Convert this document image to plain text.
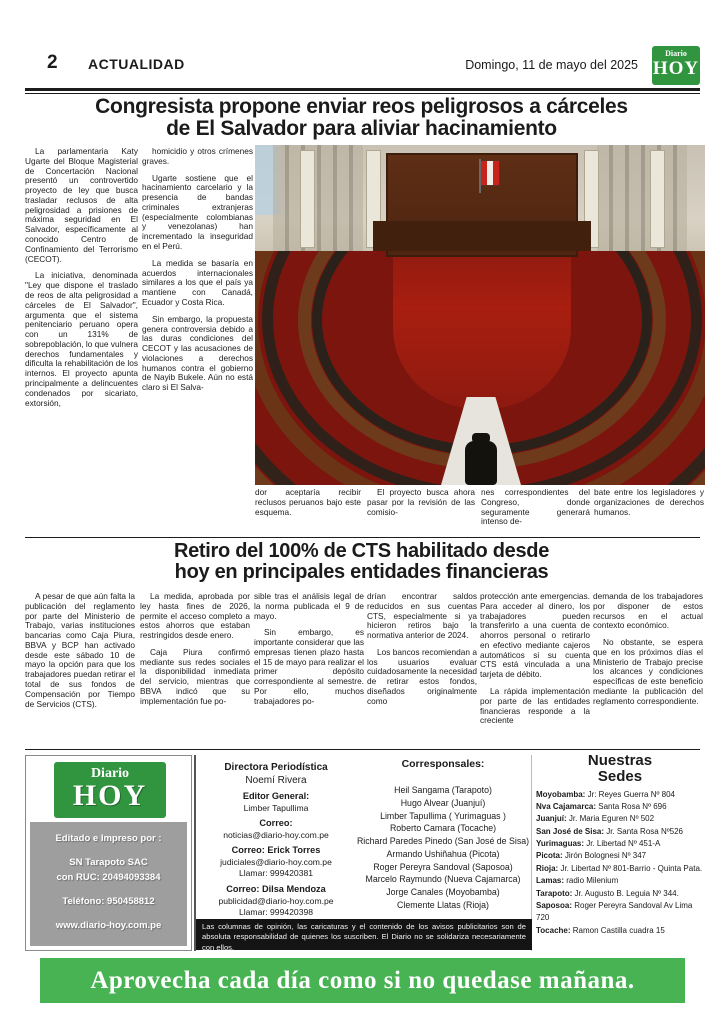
2 ACTUALIDAD	Domingo, 11 de mayo del 2025
Diario
HOY
Congresista propone enviar reos peligrosos a cárceles
de El Salvador para aliviar hacinamiento

La parlamentaria Katy Ugarte del Bloque Magisterial de Concertación Nacional presentó un controvertido proyecto de ley que busca trasladar reclusos de alta peligrosidad a prisiones de máxima seguridad en El Salvador, específicamente al conocido Centro de Confinamiento del Terrorismo (CECOT).

La iniciativa, denominada "Ley que dispone el traslado de reos de alta peligrosidad a cárceles de El Salvador", argumenta que el sistema penitenciario peruano opera con un 131% de sobrepoblación, lo que vulnera derechos fundamentales y dificulta la rehabilitación de los internos. El proyecto apunta principalmente a delincuentes condenados por sicariato, extorsión,

homicidio y otros crímenes graves.

Ugarte sostiene que el hacinamiento carcelario y la presencia de bandas criminales extranjeras (especialmente colombianas y venezolanas) han incrementado la inseguridad en el Perú.

La medida se basaría en acuerdos internacionales similares a los que el país ya mantiene con Canadá, Ecuador y Costa Rica.

Sin embargo, la propuesta genera controversia debido a las duras condiciones del CECOT y las acusaciones de violaciones a derechos humanos contra el gobierno de Nayib Bukele. Aún no está claro si El Salva-

dor aceptaría recibir reclusos peruanos bajo este esquema.

El proyecto busca ahora pasar por la revisión de las comisio-

nes correspondientes del Congreso, donde seguramente generará intenso de-

bate entre los legisladores y organizaciones de derechos humanos.

Retiro del 100% de CTS habilitado desde
hoy en principales entidades financieras

A pesar de que aún falta la publicación del reglamento por parte del Ministerio de Trabajo, varias instituciones bancarias como Caja Piura, BBVA y BCP han activado desde este sábado 10 de mayo la opción para que los trabajadores puedan retirar el total de sus fondos de Compensación por Tiempo de Servicios (CTS).

La medida, aprobada por ley hasta fines de 2026, permite el acceso completo a estos ahorros que estaban restringidos desde enero.

Caja Piura confirmó mediante sus redes sociales la disponibilidad inmediata del servicio, mientras que BBVA indicó que su implementación fue po-

sible tras el análisis legal de la norma publicada el 9 de mayo.

Sin embargo, es importante considerar que las empresas tienen plazo hasta el 15 de mayo para realizar el primer depósito correspondiente al semestre. Por ello, muchos trabajadores po-

drían encontrar saldos reducidos en sus cuentas CTS, especialmente si ya hicieron retiros bajo la normativa anterior de 2024.

Los bancos recomiendan a los usuarios evaluar cuidadosamente la necesidad de retirar estos fondos, diseñados originalmente como

protección ante emergencias. Para acceder al dinero, los trabajadores pueden transferirlo a una cuenta de ahorros personal o retirarlo en efectivo mediante cajeros automáticos si su cuenta CTS está vinculada a una tarjeta de débito.

La rápida implementación por parte de las entidades financieras responde a la creciente

demanda de los trabajadores por disponer de estos recursos en el actual contexto económico.

No obstante, se espera que en los próximos días el Ministerio de Trabajo precise los alcances y condiciones específicas de este beneficio mediante la publicación del reglamento correspondiente.

Diario
HOY
Editado e Impreso por :
SN Tarapoto SAC
con RUC: 20494093384
Teléfono: 950458812
www.diario-hoy.com.pe
Directora Periodística
Noemí Rivera
Editor General:
Limber Tapullima
Correo:
noticias@diario-hoy.com.pe
Correo: Erick Torres
judiciales@diario-hoy.com.pe
Llamar: 999420381
Correo: Dilsa Mendoza
publicidad@diario-hoy.com.pe
Llamar: 999420398
Corresponsales:
Heil Sangama (Tarapoto)
Hugo Alvear (Juanjuí)
Limber Tapullima ( Yurimaguas )
Roberto Camara (Tocache)
Richard Paredes Pinedo (San José de Sisa)
Armando Ushiñahua (Picota)
Roger Pereyra Sandoval (Saposoa)
Marcelo Raymundo (Nueva Cajamarca)
Jorge Canales (Moyobamba)
Clemente Llatas (Rioja)
Nuestras
Sedes
Moyobamba: Jr: Reyes Guerra Nº 804
Nva Cajamarca: Santa Rosa Nº 696
Juanjuí: Jr. Maria Eguren Nº 502
San José de Sisa: Jr. Santa Rosa Nº526
Yurimaguas: Jr. Libertad Nº 451-A
Picota: Jirón Bolognesi Nº 347
Rioja: Jr. Libertad Nº 801-Barrio - Quinta Pata.
Lamas: radio Milenium
Tarapoto: Jr. Augusto B. Leguia Nº 344.
Saposoa: Roger Pereyra Sandoval Av Lima 720
Tocache: Ramon Castilla cuadra 15
Las columnas de opinión, las caricaturas y el contenido de los avisos publicitarios son de absoluta responsabilidad de quienes los suscriben. El Diario no se solidariza necesariamente con ellos.
Aprovecha cada día como si no quedase mañana.
